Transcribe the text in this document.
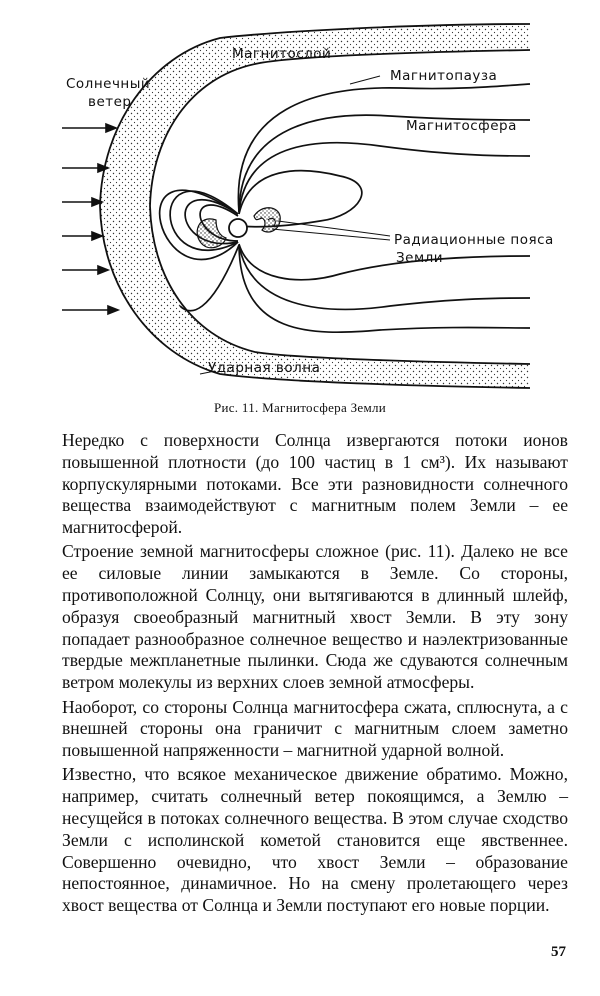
Солнечный
ветер
Магнитослой
Магнитопауза
Магнитосфера
Радиационные пояса
Земли
Ударная волна
Рис. 11. Магнитосфера Земли

Нередко с поверхности Солнца извергаются потоки ионов повышенной плотности (до 100 частиц в 1 см³). Их называют корпускулярными потоками. Все эти разновидности солнечного вещества взаимодействуют с магнитным полем Земли – ее магнитосферой.

Строение земной магнитосферы сложное (рис. 11). Далеко не все ее силовые линии замыкаются в Земле. Со стороны, противоположной Солнцу, они вытягиваются в длинный шлейф, образуя своеобразный магнитный хвост Земли. В эту зону попадает разнообразное солнечное вещество и наэлектризованные твердые межпланетные пылинки. Сюда же сдуваются солнечным ветром молекулы из верхних слоев земной атмосферы.

Наоборот, со стороны Солнца магнитосфера сжата, сплюснута, а с внешней стороны она граничит с магнитным слоем заметно повышенной напряженности – магнитной ударной волной.

Известно, что всякое механическое движение обратимо. Можно, например, считать солнечный ветер покоящимся, а Землю – несущейся в потоках солнечного вещества. В этом случае сходство Земли с исполинской кометой становится еще явственнее. Совершенно очевидно, что хвост Земли – образование непостоянное, динамичное. Но на смену пролетающего через хвост вещества от Солнца и Земли поступают его новые порции.

57
